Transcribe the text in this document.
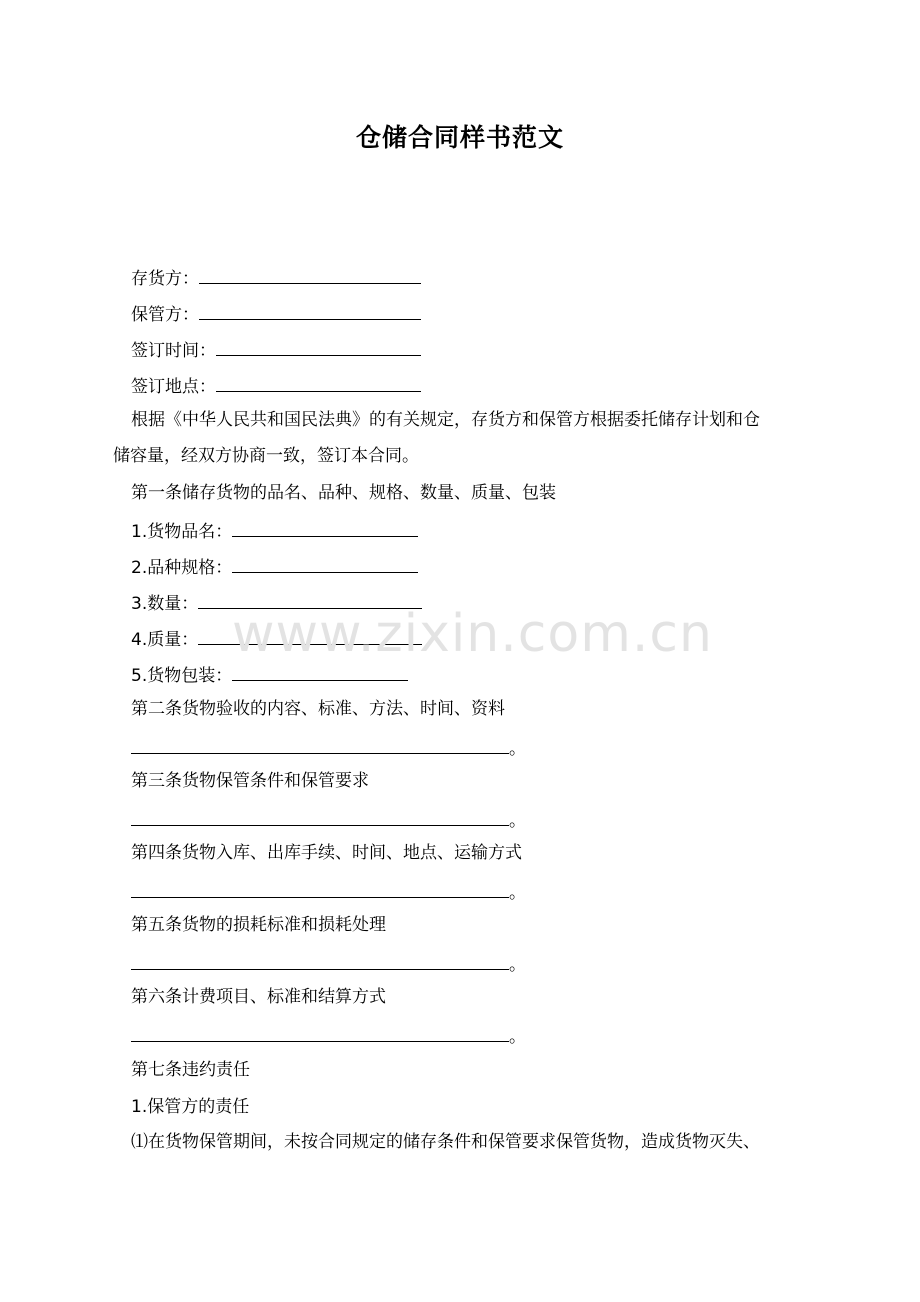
仓储合同样书范文
存货方：
保管方：
签订时间：
签订地点：
根据《中华人民共和国民法典》的有关规定，存货方和保管方根据委托储存计划和仓
储容量，经双方协商一致，签订本合同。
第一条储存货物的品名、品种、规格、数量、质量、包装
1.货物品名：
2.品种规格：
3.数量：
4.质量：
5.货物包装：
第二条货物验收的内容、标准、方法、时间、资料
。
第三条货物保管条件和保管要求
。
第四条货物入库、出库手续、时间、地点、运输方式
。
第五条货物的损耗标准和损耗处理
。
第六条计费项目、标准和结算方式
。
第七条违约责任
1.保管方的责任
⑴在货物保管期间，未按合同规定的储存条件和保管要求保管货物，造成货物灭失、
www.zixin.com.cn
